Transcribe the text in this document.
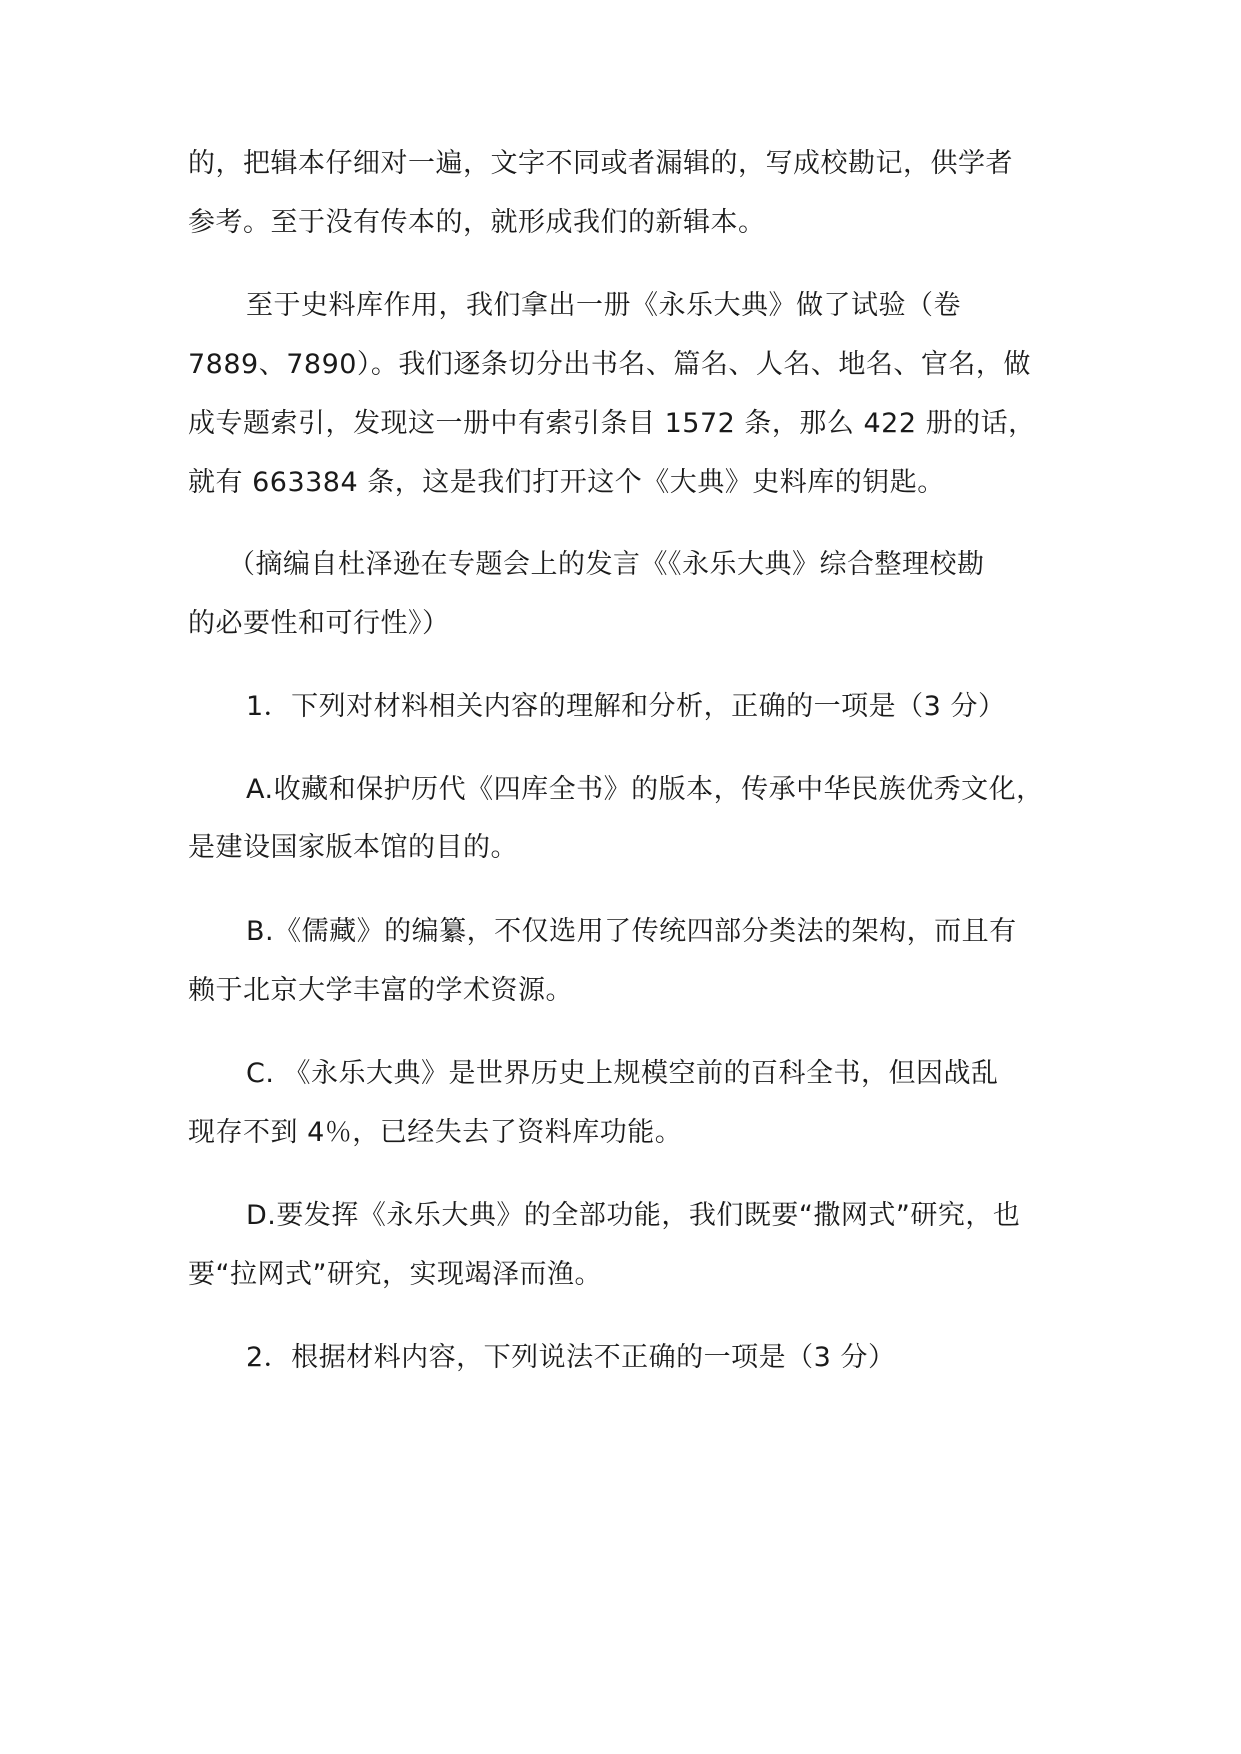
的，把辑本仔细对一遍，文字不同或者漏辑的，写成校勘记，供学者
参考。至于没有传本的，就形成我们的新辑本。
至于史料库作用，我们拿出一册《永乐大典》做了试验（卷
7889、7890）。我们逐条切分出书名、篇名、人名、地名、官名，做
成专题索引，发现这一册中有索引条目 1572 条，那么 422 册的话，
就有 663384 条，这是我们打开这个《大典》史料库的钥匙。
（摘编自杜泽逊在专题会上的发言《《永乐大典》综合整理校勘
的必要性和可行性》）
1．下列对材料相关内容的理解和分析，正确的一项是（3 分）
A.收藏和保护历代《四库全书》的版本，传承中华民族优秀文化，
是建设国家版本馆的目的。
B.《儒藏》的编纂，不仅选用了传统四部分类法的架构，而且有
赖于北京大学丰富的学术资源。
C. 《永乐大典》是世界历史上规模空前的百科全书，但因战乱
现存不到 4％，已经失去了资料库功能。
D.要发挥《永乐大典》的全部功能，我们既要“撒网式”研究，也
要“拉网式”研究，实现竭泽而渔。
2．根据材料内容，下列说法不正确的一项是（3 分）
